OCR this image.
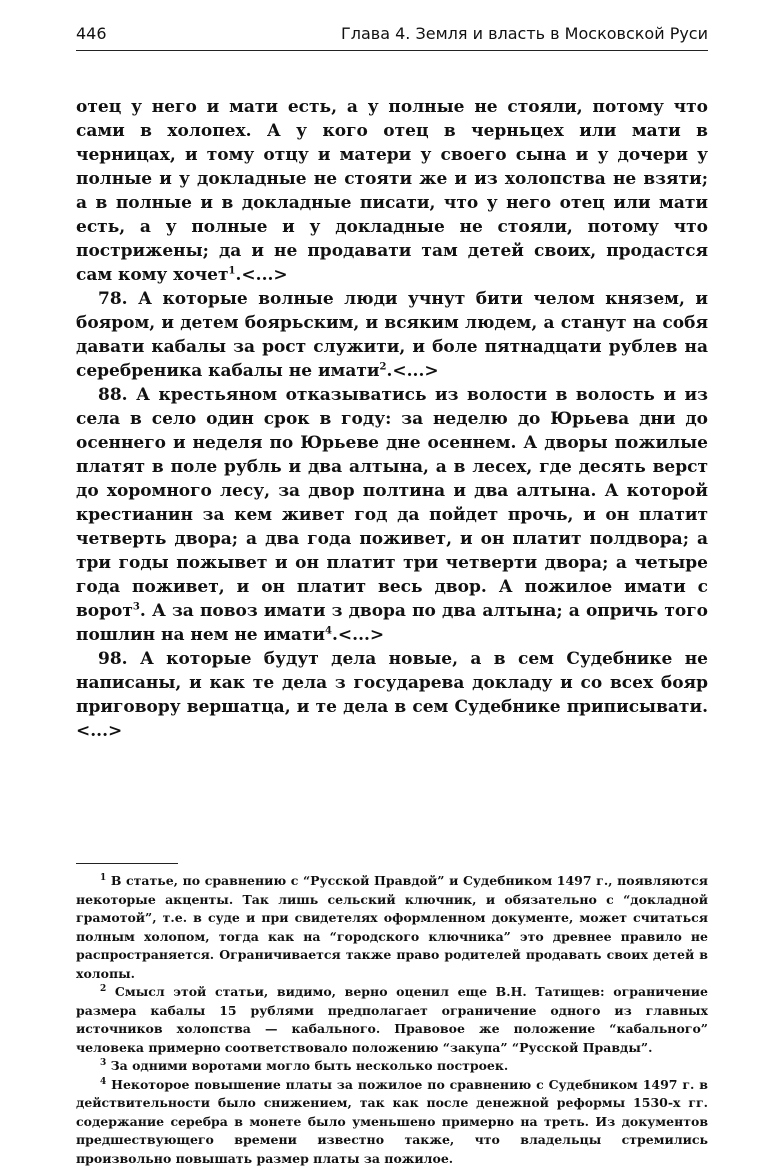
446	Глава 4. Земля и власть в Московской Руси

отец у него и мати есть, а у полные не стояли, потому что сами в холопех. А у кого отец в черньцех или мати в черницах, и тому отцу и матери у своего сына и у дочери у полные и у докладные не стояти же и из холопства не взяти; а в полные и в докладные писати, что у него отец или мати есть, а у полные и у докладные не стояли, потому что пострижены; да и не продавати там детей своих, продастся сам кому хочет$^1$.<...>

78. А которые волные люди учнут бити челом князем, и бояром, и детем боярьским, и всяким людем, а станут на собя давати кабалы за рост служити, и боле пятнадцати рублев на серебреника кабалы не имати$^2$.<...>

88. А крестьяном отказыватись из волости в волость и из села в село один срок в году: за неделю до Юрьева дни до осеннего и неделя по Юрьеве дне осеннем. А дворы пожилые платят в поле рубль и два алтына, а в лесех, где десять верст до хоромного лесу, за двор полтина и два алтына. А которой крестианин за кем живет год да пойдет прочь, и он платит четверть двора; а два года поживет, и он платит полдвора; а три годы пожывет и он платит три четверти двора; а четыре года поживет, и он платит весь двор. А пожилое имати с ворот$^3$. А за повоз имати з двора по два алтына; а опричь того пошлин на нем не имати$^4$.<...>

98. А которые будут дела новые, а в сем Судебнике не написаны, и как те дела з государева докладу и со всех бояр приговору вершатца, и те дела в сем Судебнике приписывати.<...>

$^1$ В статье, по сравнению с “Русской Правдой” и Судебником 1497 г., появляются некоторые акценты. Так лишь сельский ключник, и обязательно с “докладной грамотой”, т.е. в суде и при свидетелях оформленном документе, может считаться полным холопом, тогда как на “городского ключника” это древнее правило не распространяется. Ограничивается также право родителей продавать своих детей в холопы.

$^2$ Смысл этой статьи, видимо, верно оценил еще В.Н. Татищев: ограничение размера кабалы 15 рублями предполагает ограничение одного из главных источников холопства — кабального. Правовое же положение “кабального” человека примерно соответствовало положению “закупа” “Русской Правды”.

$^3$ За одними воротами могло быть несколько построек.

$^4$ Некоторое повышение платы за пожилое по сравнению с Судебником 1497 г. в действительности было снижением, так как после денежной реформы 1530-х гг. содержание серебра в монете было уменьшено примерно на треть. Из документов предшествующего времени известно также, что владельцы стремились произвольно повышать размер платы за пожилое.
